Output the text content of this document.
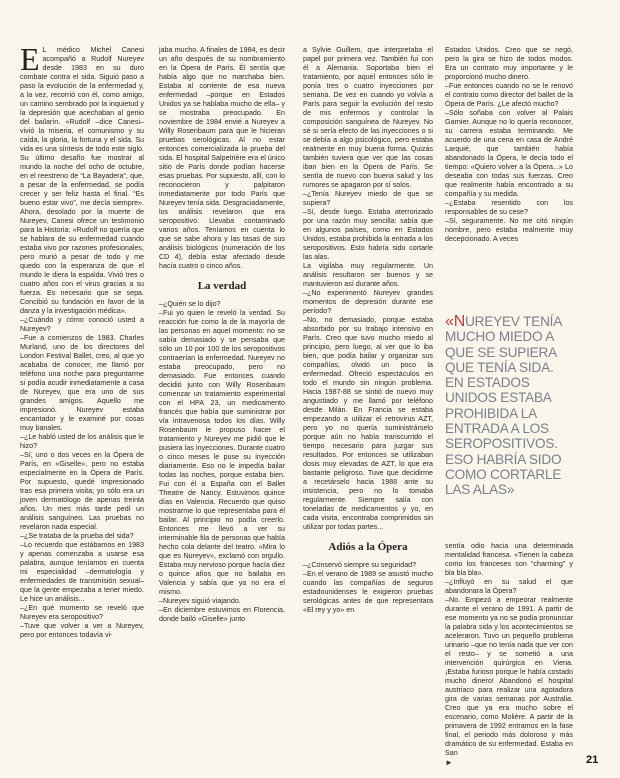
E L médico Michel Canesi acompañó a Rudolf Nureyev desde 1983 en su duro combate contra el sida. Siguió paso a paso la evolución de la enfermedad y, a la vez, recorrió con él, como amigo, un camino sembrado por la inquietud y la depresión que acechaban al genio del bailarín. «Rudolf –dice Canesi– vivió la miseria, el comunismo y su caída, la gloria, la fortuna y el sida. Su vida es una síntesis de todo este siglo. Su último desafío fue mostrar al mundo la noche del ocho de octubre, en el reestreno de “La Bayadera”, que, a pesar de la enfermedad, se podía crecer y ser feliz hasta el final. “Es bueno estar vivo”, me decía siempre». Ahora, desolado por la muerte de Nureyev, Canesi ofrece un testimonio para la Historia: «Rudolf no quería que se hablara de su enfermedad cuando estaba vivo por razones profesionales, pero murió a pesar de todo y me quedo con la esperanza de que el mundo le diera la espalda. Vivió tres o cuatro años con el virus gracias a su fuerza. Es necesario que se sepa. Concibió su fundación en favor de la danza y la investigación médica».

–¿Cuándo y cómo conoció usted a Nureyev?

–Fue a comienzos de 1983. Charles Murland, uno de los directores del London Festival Ballet, creo, al que yo acababa de conocer, me llamó por teléfono una noche para preguntarme si podía acudir inmediatamente a casa de Nureyev, que era uno de sus grandes amigos. Aquello me impresionó. Nureyev estaba encantador y le examiné por cosas muy banales.

–¿Le habló usted de los análisis que le hizo?

–Sí, uno o dos veces en la Ópera de París, en «Giselle», pero no estaba especialmente en la Ópera de París. Por supuesto, quedé impresionado tras esa primera visita; yo sólo era un joven dermatólogo de apenas treinta años. Un mes más tarde pedí un análisis sanguíneo. Las pruebas no revelaron nada especial.

–¿Se trataba de la prueba del sida?

–Lo recuerdo que estábamos en 1983 y apenas comenzaba a usarse esa palabra, aunque teníamos en cuenta mi especialidad –dermatología y enfermedades de transmisión sexual– que la gente empezaba a tener miedo. Le hice un análisis...

–¿En qué momento se reveló que Nureyev era seropositivo?

–Tuve que volver a ver a Nureyev, pero por entonces todavía vi-

jaba mucho. A finales de 1984, es decir un año después de su nombramiento en la Ópera de París. Él sentía que había algo que no marchaba bien. Estaba al corriente de esa nueva enfermedad –porque en Estados Unidos ya se hablaba mucho de ella– y se mostraba preocupado. En noviembre de 1984 envié a Nureyev a Willy Rosenbaum para que le hicieran pruebas serológicas. Al no estar entonces comercializada la prueba del sida. El hospital Salpetrière era el único sitio de París donde podían hacerse esas pruebas. Por supuesto, allí, con lo reconocieron y palpitaron inmediatamente por todo París que Nureyev tenía sida. Desgraciadamente, los análisis revelaron que era seropositivo. Llevaba contaminado varios años. Teníamos en cuenta lo que se sabe ahora y las tasas de sus análisis biológicos (numeración de los CD 4), debía estar afectado desde hacía cuatro o cinco años.

La verdad

–¿Quién se lo dijo?

–Fui yo quien le reveló la verdad. Su reacción fue como la de la mayoría de las personas en aquel momento: no se sabía demasiado y se pensaba que sólo un 10 por 100 de los seropositivos contraerían la enfermedad. Nureyev no estaba preocupado, pero no demasiado. Fue entonces cuando decidió junto con Willy Rosenbaum comenzar un tratamiento experimental con el HPA 23, un medicamento francés que había que suministrar por vía intravenosa todos los días. Willy Rosenbaum le propuso hacer el tratamiento y Nureyev me pidió que le pusiera las inyecciones. Durante cuatro o cinco meses le puse su inyección diariamente. Eso no le impedía bailar todas las noches, porque estaba bien. Fui con él a España con el Ballet Theatre de Nancy. Estuvimos quince días en Valencia. Recuerdo que quiso mostrarme lo que representaba para él bailar. Al principio no podía creerlo. Entonces me llevó a ver su interminable fila de personas que había hecho cola delante del teatro. «Mira lo que es Nureyev», exclamó con orgullo. Estaba muy nervioso porque hacía diez o quince años que no bailaba en Valencia y sabía que ya no era el mismo.

–Nureyev siguió viajando.

–En diciembre estuvimos en Florencia, donde bailó «Giselle» junto

a Sylvie Guillem, que interpretaba el papel por primera vez. También fui con él a Alemania. Soportaba bien el tratamiento, por aquel entonces sólo le ponía tres o cuatro inyecciones por semana. De vez en cuando yo volvía a París para seguir la evolución del resto de mis enfermos y controlar la composición sanguínea de Nureyev. No sé si sería efecto de las inyecciones o si se debía a algo psicológico, pero estaba realmente en muy buena forma. Quizás también tuviera que ver que las cosas iban bien en la Ópera de París. Se sentía de nuevo con buena salud y los rumores se apagaron por sí solos.

–¿Tenía Nureyev miedo de que se supiera?

–Sí, desde luego. Estaba aterrorizado por una razón muy sencilla: sabía que en algunos países, como en Estados Unidos, estaba prohibida la entrada a los seropositivos. Esto habría sido cortarle las alas.

La vigilaba muy regularmente. Un análisis resultaron ser buenos y se mantuvieron así durante años.

–¿No experimentó Nureyev grandes momentos de depresión durante ese período?

–No, no demasiado, porque estaba absorbido por su trabajo intensivo en París. Creo que tuvo mucho miedo al principio, pero luego, al ver que lo iba bien, que podía bailar y organizar sus compañías, olvidó un poco la enfermedad. Ofreció espectáculos en todo el mundo sin ningún problema. Hacia 1987-88 se sintió de nuevo muy angustiado y me llamó por teléfono desde Milán. En Francia se estaba empezando a utilizar el retrovirus AZT, pero yo no quería suministrárselo porque aún no había transcurrido el tiempo necesario para juzgar sus resultados. Por entonces se utilizaban dosis muy elevadas de AZT, lo que era bastante peligroso. Tuve que decidirme a recetárselo hacia 1988 ante su insistencia, pero no lo tomaba regularmente. Siempre salía con toneladas de medicamentos y yo, en cada visita, encontraba comprimidos sin utilizar por todas partes...

Adiós a la Ópera

–¿Conservó siempre su seguridad?

–En el verano de 1989 se asustó mucho cuando las compañías de seguros estadounidenses le exigieron pruebas serológicas antes de que representara «El rey y yo» en

Estados Unidos. Creo que se negó, pero la gira se hizo de todos modos. Era un contrato muy importante y le proporcionó mucho dinero.

–Fue entonces cuando no se le renovó el contrato como director del ballet de la Ópera de París. ¿Le afectó mucho?

–Sólo soñaba con volver al Palais Garnier. Aunque no lo quería reconocer, su carrera estaba terminando. Me acuerdo de una cena en casa de André Larquié, que también había abandonado la Ópera, le decía todo el tiempo: «Quiero volver a la Ópera...» Lo deseaba con todas sus fuerzas. Creo que realmente había encontrado a su compañía y su medida.

–¿Estaba resentido con los responsables de su cese?

–Sí, seguramente. No me citó ningún nombre, pero estaba realmente muy decepcionado. A veces

«NUREYEV TENÍA MUCHO MIEDO A QUE SE SUPIERA QUE TENÍA SIDA. EN ESTADOS UNIDOS ESTABA PROHIBIDA LA ENTRADA A LOS SEROPOSITIVOS. ESO HABRÍA SIDO COMO CORTARLE LAS ALAS»

sentía odio hacia una determinada mentalidad francesa. «Tienen la cabeza como los franceses son “charming” y bla bla bla».

–¿Influyó en su salud el que abandonara la Ópera?

–No. Empezó a empeorar realmente durante el verano de 1991. A partir de ese momento ya no se podía pronunciar la palabra sida y los acontecimientos se aceleraron. Tuvo un pequeño problema urinario –que no tenía nada que ver con el resto– y se sometió a una intervención quirúrgica en Viena. ¡Estaba furioso porque le había costado mucho dinero! Abandonó el hospital austriaco para realizar una agotadora gira de varias semanas por Australia. Creo que ya era mucho sobre el escenario, como Molière. A partir de la primavera de 1992 entramos en la fase final, el periodo más doloroso y más dramático de su enfermedad. Estaba en San

►	21
